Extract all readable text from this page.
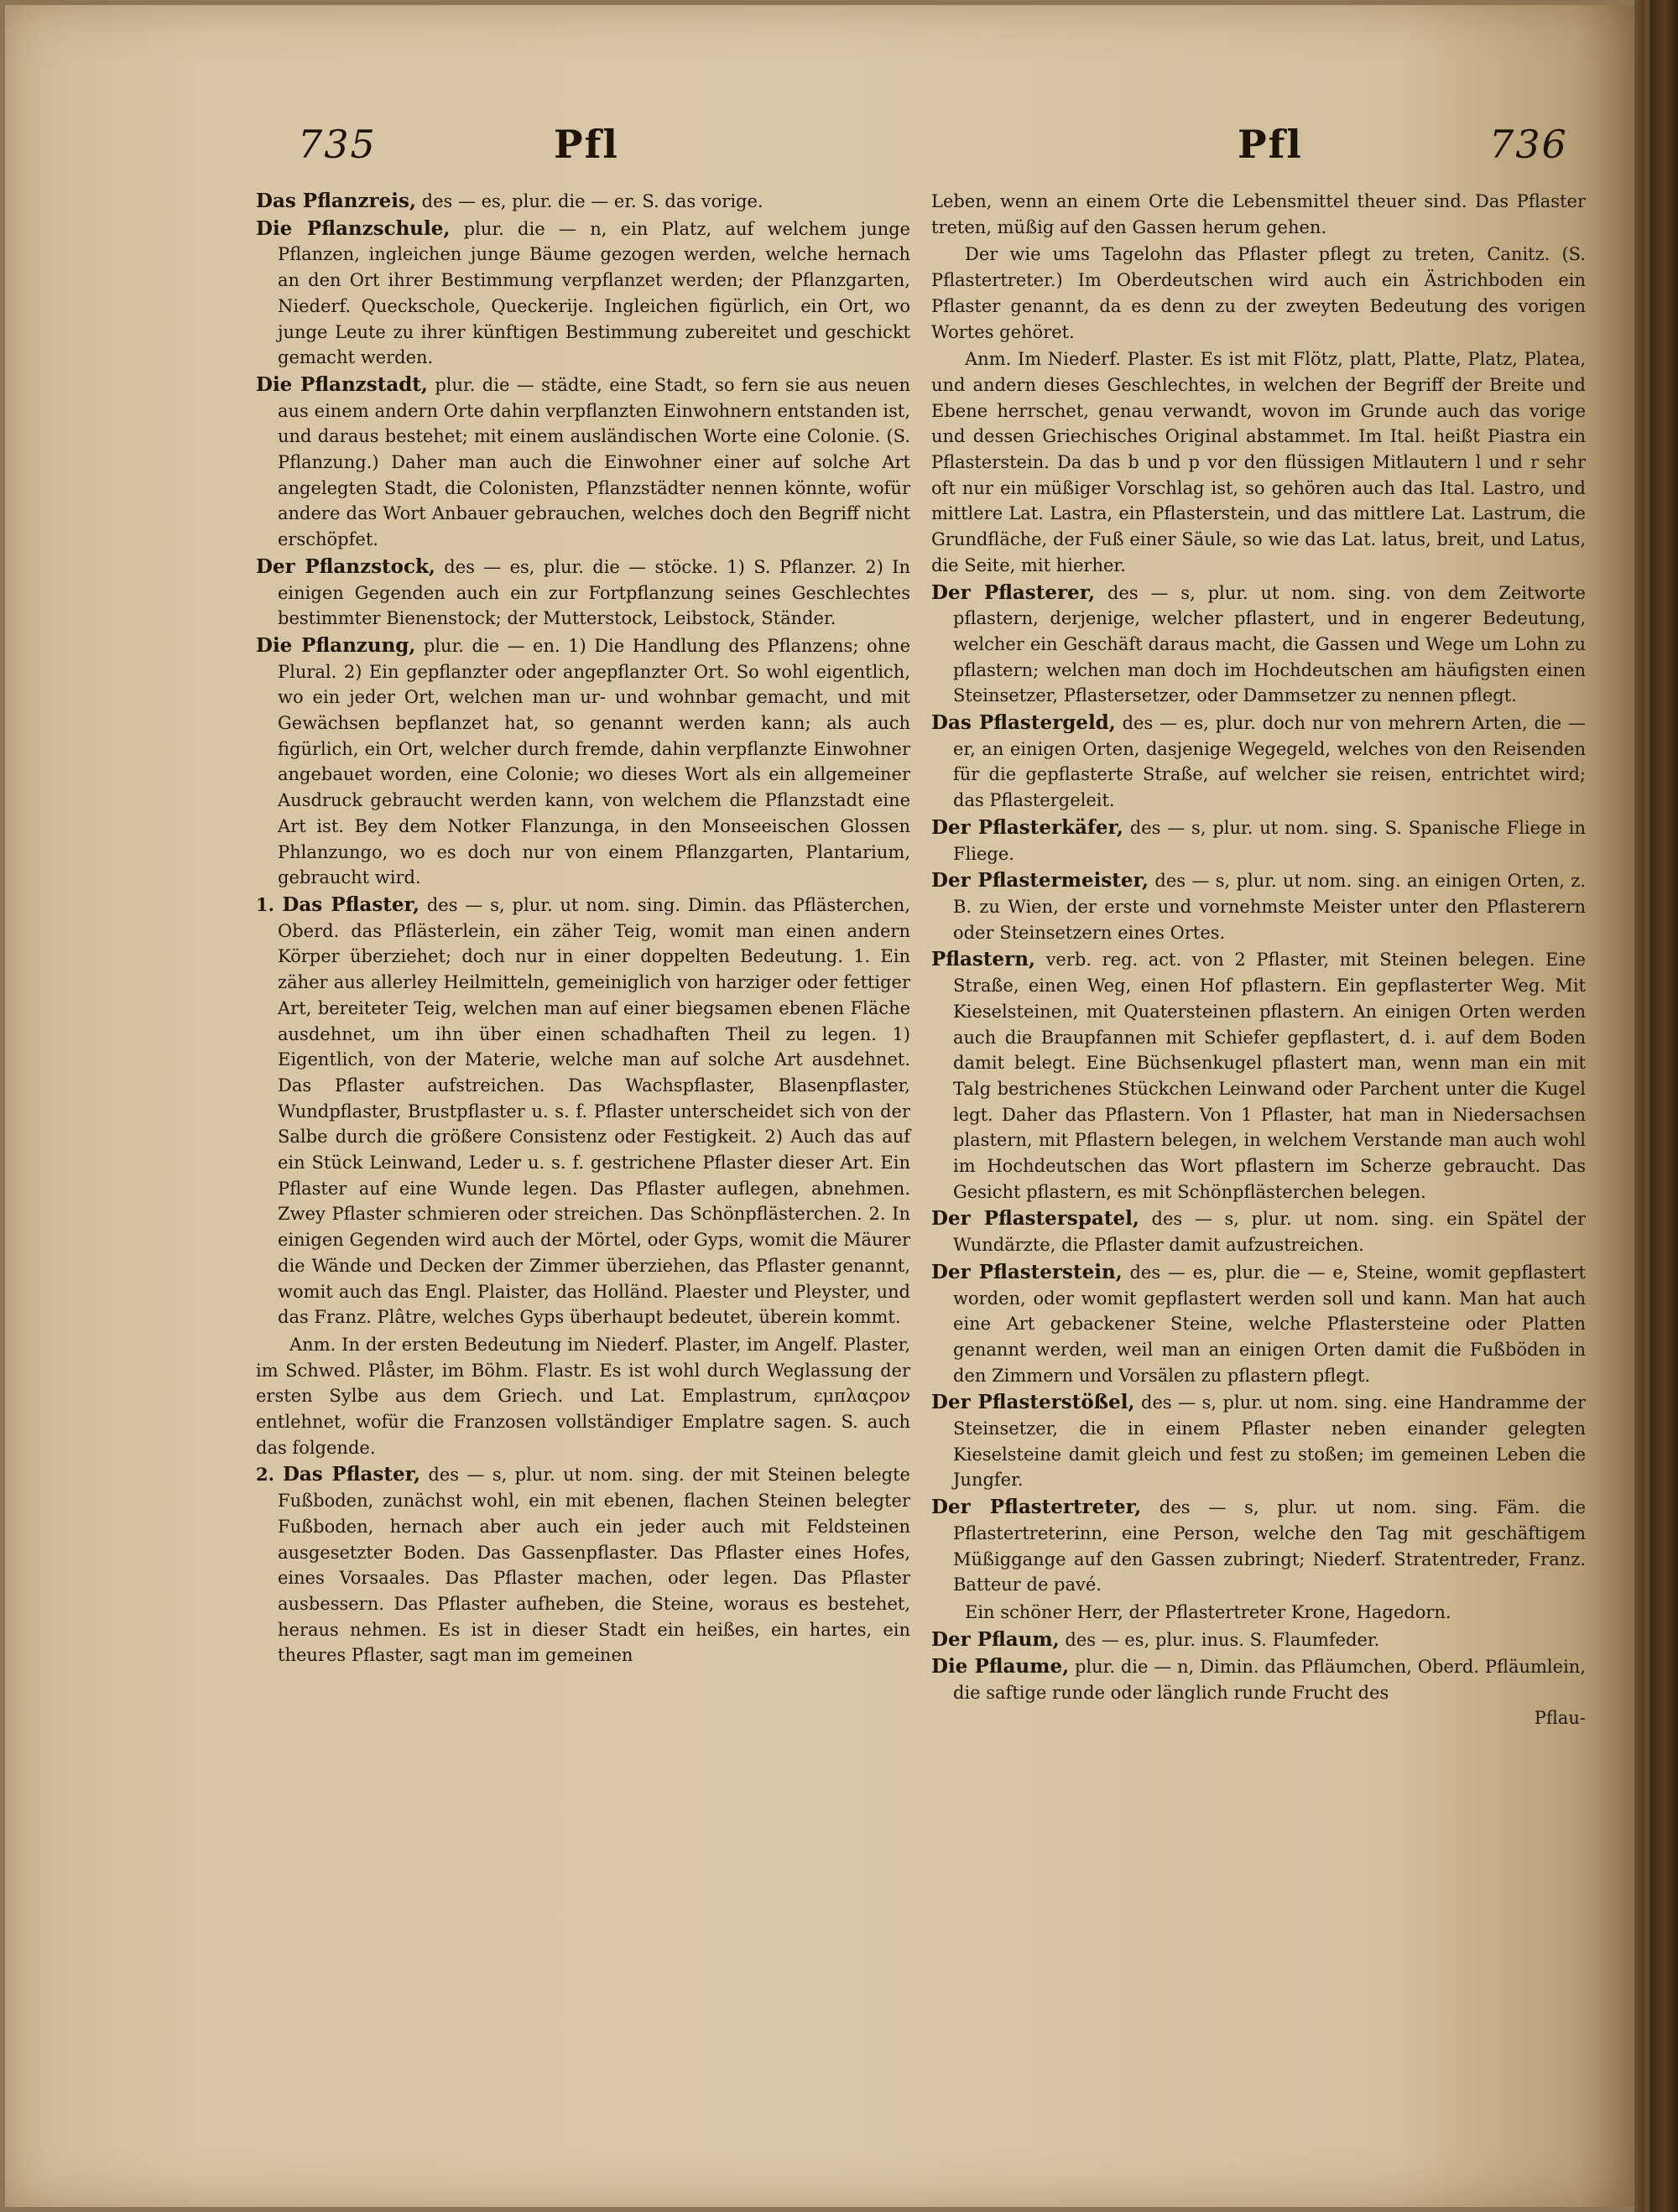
735	Pfl	Pfl	736

Das Pflanzreis, des — es, plur. die — er. S. das vorige.

Die Pflanzschule, plur. die — n, ein Platz, auf welchem junge Pflanzen, ingleichen junge Bäume gezogen werden, welche hernach an den Ort ihrer Bestimmung verpflanzet werden; der Pflanzgarten, Niederf. Queckschole, Queckerije. Ingleichen figürlich, ein Ort, wo junge Leute zu ihrer künftigen Bestimmung zubereitet und geschickt gemacht werden.

Die Pflanzstadt, plur. die — städte, eine Stadt, so fern sie aus neuen aus einem andern Orte dahin verpflanzten Einwohnern entstanden ist, und daraus bestehet; mit einem ausländischen Worte eine Colonie. (S. Pflanzung.) Daher man auch die Einwohner einer auf solche Art angelegten Stadt, die Colonisten, Pflanzstädter nennen könnte, wofür andere das Wort Anbauer gebrauchen, welches doch den Begriff nicht erschöpfet.

Der Pflanzstock, des — es, plur. die — stöcke. 1) S. Pflanzer. 2) In einigen Gegenden auch ein zur Fortpflanzung seines Geschlechtes bestimmter Bienenstock; der Mutterstock, Leibstock, Ständer.

Die Pflanzung, plur. die — en. 1) Die Handlung des Pflanzens; ohne Plural. 2) Ein gepflanzter oder angepflanzter Ort. So wohl eigentlich, wo ein jeder Ort, welchen man ur- und wohnbar gemacht, und mit Gewächsen bepflanzet hat, so genannt werden kann; als auch figürlich, ein Ort, welcher durch fremde, dahin verpflanzte Einwohner angebauet worden, eine Colonie; wo dieses Wort als ein allgemeiner Ausdruck gebraucht werden kann, von welchem die Pflanzstadt eine Art ist. Bey dem Notker Flanzunga, in den Monseeischen Glossen Phlanzungo, wo es doch nur von einem Pflanzgarten, Plantarium, gebraucht wird.

1. Das Pflaster, des — s, plur. ut nom. sing. Dimin. das Pflästerchen, Oberd. das Pflästerlein, ein zäher Teig, womit man einen andern Körper überziehet; doch nur in einer doppelten Bedeutung. 1. Ein zäher aus allerley Heilmitteln, gemeiniglich von harziger oder fettiger Art, bereiteter Teig, welchen man auf einer biegsamen ebenen Fläche ausdehnet, um ihn über einen schadhaften Theil zu legen. 1) Eigentlich, von der Materie, welche man auf solche Art ausdehnet. Das Pflaster aufstreichen. Das Wachspflaster, Blasenpflaster, Wundpflaster, Brustpflaster u. s. f. Pflaster unterscheidet sich von der Salbe durch die größere Consistenz oder Festigkeit. 2) Auch das auf ein Stück Leinwand, Leder u. s. f. gestrichene Pflaster dieser Art. Ein Pflaster auf eine Wunde legen. Das Pflaster auflegen, abnehmen. Zwey Pflaster schmieren oder streichen. Das Schönpflästerchen. 2. In einigen Gegenden wird auch der Mörtel, oder Gyps, womit die Mäurer die Wände und Decken der Zimmer überziehen, das Pflaster genannt, womit auch das Engl. Plaister, das Holländ. Plaester und Pleyster, und das Franz. Plâtre, welches Gyps überhaupt bedeutet, überein kommt.

Anm. In der ersten Bedeutung im Niederf. Plaster, im Angelf. Plaster, im Schwed. Plåster, im Böhm. Flastr. Es ist wohl durch Weglassung der ersten Sylbe aus dem Griech. und Lat. Emplastrum, εμπλαςρον entlehnet, wofür die Franzosen vollständiger Emplatre sagen. S. auch das folgende.

2. Das Pflaster, des — s, plur. ut nom. sing. der mit Steinen belegte Fußboden, zunächst wohl, ein mit ebenen, flachen Steinen belegter Fußboden, hernach aber auch ein jeder auch mit Feldsteinen ausgesetzter Boden. Das Gassenpflaster. Das Pflaster eines Hofes, eines Vorsaales. Das Pflaster machen, oder legen. Das Pflaster ausbessern. Das Pflaster aufheben, die Steine, woraus es bestehet, heraus nehmen. Es ist in dieser Stadt ein heißes, ein hartes, ein theures Pflaster, sagt man im gemeinen

Leben, wenn an einem Orte die Lebensmittel theuer sind. Das Pflaster treten, müßig auf den Gassen herum gehen.

Der wie ums Tagelohn das Pflaster pflegt zu treten, Canitz. (S. Pflastertreter.) Im Oberdeutschen wird auch ein Ästrichboden ein Pflaster genannt, da es denn zu der zweyten Bedeutung des vorigen Wortes gehöret.

Anm. Im Niederf. Plaster. Es ist mit Flötz, platt, Platte, Platz, Platea, und andern dieses Geschlechtes, in welchen der Begriff der Breite und Ebene herrschet, genau verwandt, wovon im Grunde auch das vorige und dessen Griechisches Original abstammet. Im Ital. heißt Piastra ein Pflasterstein. Da das b und p vor den flüssigen Mitlautern l und r sehr oft nur ein müßiger Vorschlag ist, so gehören auch das Ital. Lastro, und mittlere Lat. Lastra, ein Pflasterstein, und das mittlere Lat. Lastrum, die Grundfläche, der Fuß einer Säule, so wie das Lat. latus, breit, und Latus, die Seite, mit hierher.

Der Pflasterer, des — s, plur. ut nom. sing. von dem Zeitworte pflastern, derjenige, welcher pflastert, und in engerer Bedeutung, welcher ein Geschäft daraus macht, die Gassen und Wege um Lohn zu pflastern; welchen man doch im Hochdeutschen am häufigsten einen Steinsetzer, Pflastersetzer, oder Dammsetzer zu nennen pflegt.

Das Pflastergeld, des — es, plur. doch nur von mehrern Arten, die — er, an einigen Orten, dasjenige Wegegeld, welches von den Reisenden für die gepflasterte Straße, auf welcher sie reisen, entrichtet wird; das Pflastergeleit.

Der Pflasterkäfer, des — s, plur. ut nom. sing. S. Spanische Fliege in Fliege.

Der Pflastermeister, des — s, plur. ut nom. sing. an einigen Orten, z. B. zu Wien, der erste und vornehmste Meister unter den Pflasterern oder Steinsetzern eines Ortes.

Pflastern, verb. reg. act. von 2 Pflaster, mit Steinen belegen. Eine Straße, einen Weg, einen Hof pflastern. Ein gepflasterter Weg. Mit Kieselsteinen, mit Quatersteinen pflastern. An einigen Orten werden auch die Braupfannen mit Schiefer gepflastert, d. i. auf dem Boden damit belegt. Eine Büchsenkugel pflastert man, wenn man ein mit Talg bestrichenes Stückchen Leinwand oder Parchent unter die Kugel legt. Daher das Pflastern. Von 1 Pflaster, hat man in Niedersachsen plastern, mit Pflastern belegen, in welchem Verstande man auch wohl im Hochdeutschen das Wort pflastern im Scherze gebraucht. Das Gesicht pflastern, es mit Schönpflästerchen belegen.

Der Pflasterspatel, des — s, plur. ut nom. sing. ein Spätel der Wundärzte, die Pflaster damit aufzustreichen.

Der Pflasterstein, des — es, plur. die — e, Steine, womit gepflastert worden, oder womit gepflastert werden soll und kann. Man hat auch eine Art gebackener Steine, welche Pflastersteine oder Platten genannt werden, weil man an einigen Orten damit die Fußböden in den Zimmern und Vorsälen zu pflastern pflegt.

Der Pflasterstößel, des — s, plur. ut nom. sing. eine Handramme der Steinsetzer, die in einem Pflaster neben einander gelegten Kieselsteine damit gleich und fest zu stoßen; im gemeinen Leben die Jungfer.

Der Pflastertreter, des — s, plur. ut nom. sing. Fäm. die Pflastertreterinn, eine Person, welche den Tag mit geschäftigem Müßiggange auf den Gassen zubringt; Niederf. Stratentreder, Franz. Batteur de pavé.

Ein schöner Herr, der Pflastertreter Krone, Hagedorn.

Der Pflaum, des — es, plur. inus. S. Flaumfeder.

Die Pflaume, plur. die — n, Dimin. das Pfläumchen, Oberd. Pfläumlein, die saftige runde oder länglich runde Frucht des

Pflau-
